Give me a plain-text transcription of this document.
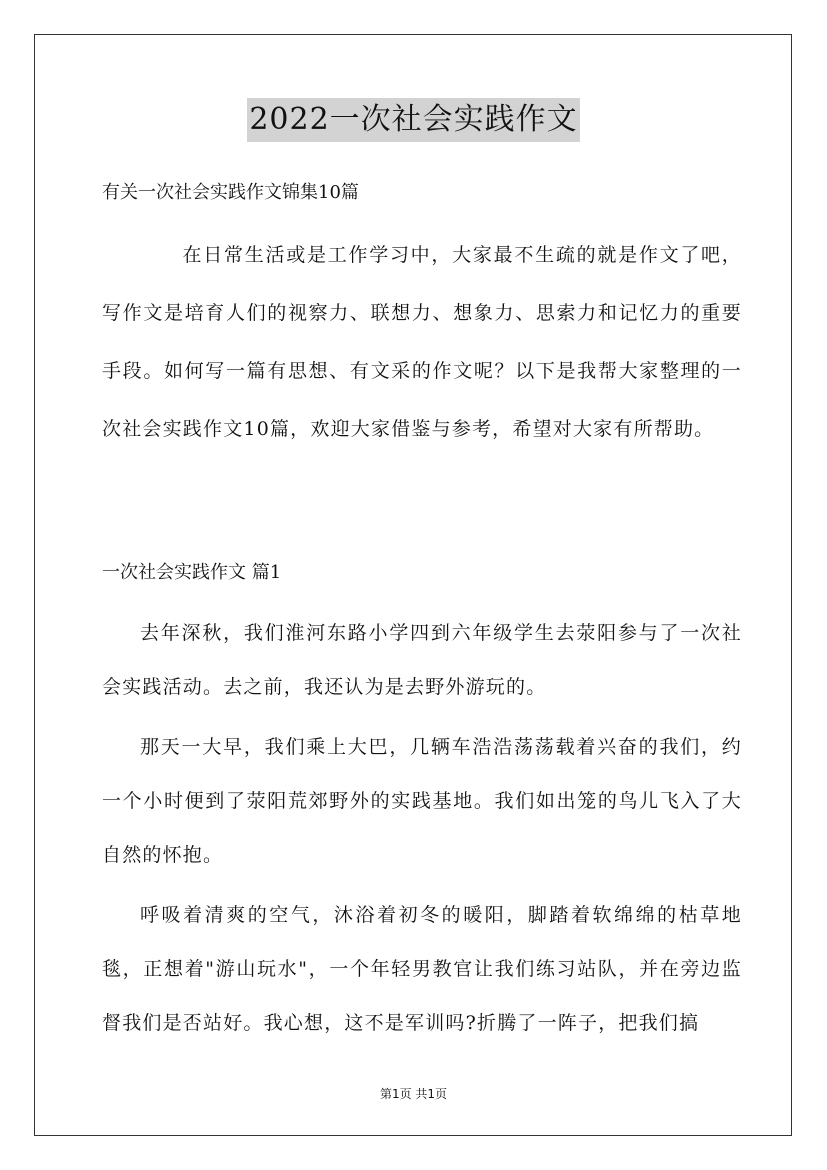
2022一次社会实践作文
有关一次社会实践作文锦集10篇
在日常生活或是工作学习中，大家最不生疏的就是作文了吧，写作文是培育人们的视察力、联想力、想象力、思索力和记忆力的重要手段。如何写一篇有思想、有文采的作文呢？以下是我帮大家整理的一次社会实践作文10篇，欢迎大家借鉴与参考，希望对大家有所帮助。
一次社会实践作文 篇1

去年深秋，我们淮河东路小学四到六年级学生去荥阳参与了一次社会实践活动。去之前，我还认为是去野外游玩的。

那天一大早，我们乘上大巴，几辆车浩浩荡荡载着兴奋的我们，约一个小时便到了荥阳荒郊野外的实践基地。我们如出笼的鸟儿飞入了大自然的怀抱。

呼吸着清爽的空气，沐浴着初冬的暖阳，脚踏着软绵绵的枯草地毯，正想着"游山玩水"，一个年轻男教官让我们练习站队，并在旁边监督我们是否站好。我心想，这不是军训吗?折腾了一阵子，把我们搞

第1页 共1页
